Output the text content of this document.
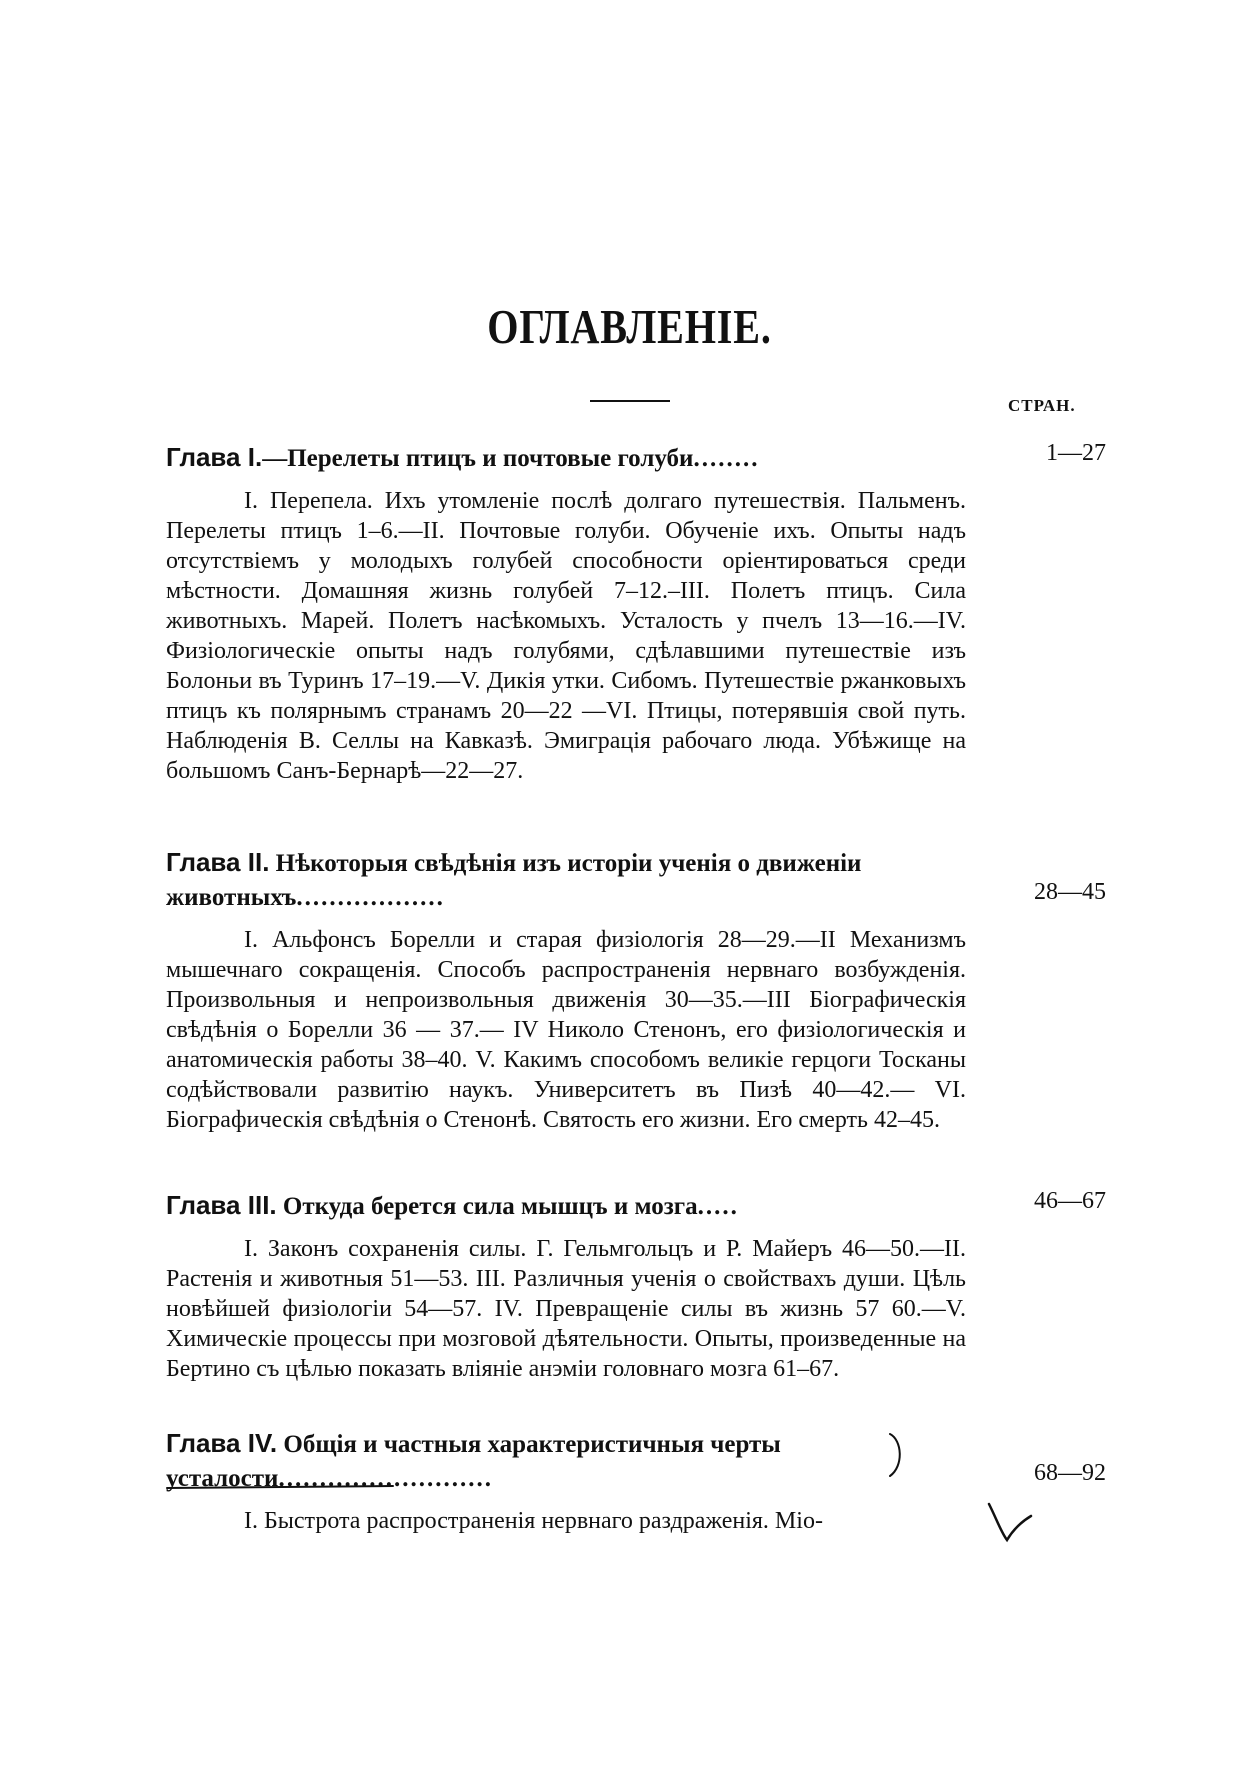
ОГЛАВЛЕНІЕ.
СТРАН.
Глава I.—Перелеты птицъ и почтовые голуби........	1—27
I. Перепела. Ихъ утомленіе послѣ долгаго путешествія. Пальменъ. Перелеты птицъ 1–6.—II. Почтовые голуби. Обученіе ихъ. Опыты надъ отсутствіемъ у молодыхъ голубей способности оріентироваться среди мѣстности. Домашняя жизнь голубей 7–12.–III. Полетъ птицъ. Сила животныхъ. Марей. Полетъ насѣкомыхъ. Усталость у пчелъ 13—16.—IV. Физіологическіе опыты надъ голубями, сдѣлавшими путешествіе изъ Болоньи въ Туринъ 17–19.—V. Дикія утки. Сибомъ. Путешествіе ржанковыхъ птицъ къ полярнымъ странамъ 20—22 —VI. Птицы, потерявшія свой путь. Наблюденія В. Селлы на Кавказѣ. Эмиграція рабочаго люда. Убѣжище на большомъ Санъ-Бернарѣ—22—27.
Глава II. Нѣкоторыя свѣдѣнія изъ исторіи ученія о движеніи животныхъ..................	28—45
I. Альфонсъ Борелли и старая физіологія 28—29.—II Механизмъ мышечнаго сокращенія. Способъ распространенія нервнаго возбужденія. Произвольныя и непроизвольныя движенія 30—35.—III Біографическія свѣдѣнія о Борелли 36 — 37.— IV Николо Стенонъ, его физіологическія и анатомическія работы 38–40. V. Какимъ способомъ великіе герцоги Тосканы содѣйствовали развитію наукъ. Университетъ въ Пизѣ 40—42.— VI. Біографическія свѣдѣнія о Стенонѣ. Святость его жизни. Его смерть 42–45.
Глава III. Откуда берется сила мышцъ и мозга.....	46—67
I. Законъ сохраненія силы. Г. Гельмгольцъ и Р. Майеръ 46—50.—II. Растенія и животныя 51—53. III. Различныя ученія о свойствахъ души. Цѣль новѣйшей физіологіи 54—57. IV. Превращеніе силы въ жизнь 57 60.—V. Химическіе процессы при мозговой дѣятельности. Опыты, произведенные на Бертино съ цѣлью показать вліяніе анэміи головнаго мозга 61–67.
Глава IV. Общія и частныя характеристичныя черты усталости..........................	68—92
I. Быстрота распространенія нервнаго раздраженія. Міо-
